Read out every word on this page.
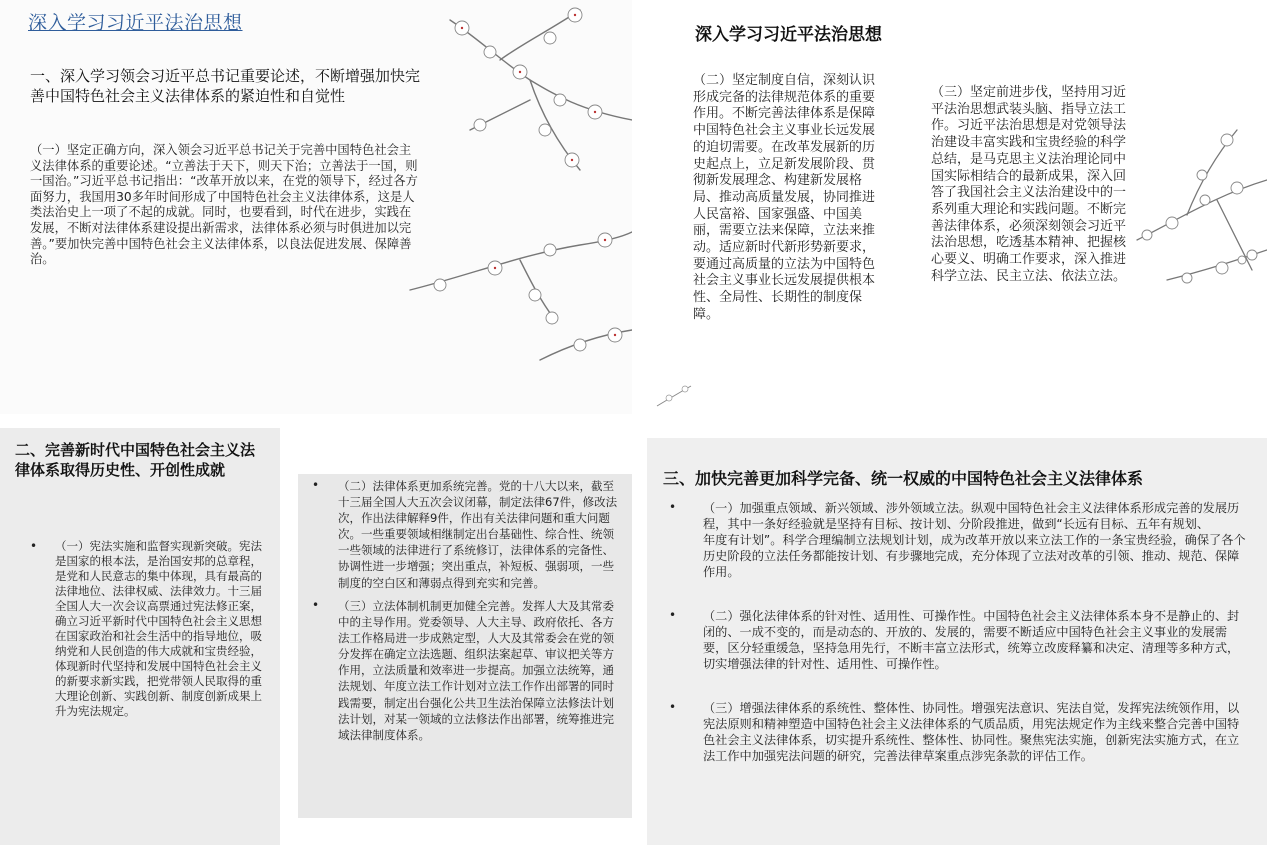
深入学习习近平法治思想

一、深入学习领会习近平总书记重要论述，不断增强加快完善中国特色社会主义法律体系的紧迫性和自觉性

（一）坚定正确方向，深入领会习近平总书记关于完善中国特色社会主义法律体系的重要论述。“立善法于天下，则天下治；立善法于一国，则一国治。”习近平总书记指出：“改革开放以来，在党的领导下，经过各方面努力，我国用30多年时间形成了中国特色社会主义法律体系，这是人类法治史上一项了不起的成就。同时，也要看到，时代在进步，实践在发展，不断对法律体系建设提出新需求，法律体系必须与时俱进加以完善。”要加快完善中国特色社会主义法律体系，以良法促进发展、保障善治。

深入学习习近平法治思想

（二）坚定制度自信，深刻认识形成完备的法律规范体系的重要作用。不断完善法律体系是保障中国特色社会主义事业长远发展的迫切需要。在改革发展新的历史起点上，立足新发展阶段、贯彻新发展理念、构建新发展格局、推动高质量发展，协同推进人民富裕、国家强盛、中国美丽，需要立法来保障，立法来推动。适应新时代新形势新要求，要通过高质量的立法为中国特色社会主义事业长远发展提供根本性、全局性、长期性的制度保障。

（三）坚定前进步伐，坚持用习近平法治思想武装头脑、指导立法工作。习近平法治思想是对党领导法治建设丰富实践和宝贵经验的科学总结，是马克思主义法治理论同中国实际相结合的最新成果，深入回答了我国社会主义法治建设中的一系列重大理论和实践问题。不断完善法律体系，必须深刻领会习近平法治思想，吃透基本精神、把握核心要义、明确工作要求，深入推进科学立法、民主立法、依法立法。

二、完善新时代中国特色社会主义法律体系取得历史性、开创性成就
• （一）宪法实施和监督实现新突破。宪法是国家的根本法，是治国安邦的总章程，是党和人民意志的集中体现，具有最高的法律地位、法律权威、法律效力。十三届全国人大一次会议高票通过宪法修正案，确立习近平新时代中国特色社会主义思想在国家政治和社会生活中的指导地位，吸纳党和人民创造的伟大成就和宝贵经验，体现新时代坚持和发展中国特色社会主义的新要求新实践，把党带领人民取得的重大理论创新、实践创新、制度创新成果上升为宪法规定。

• （二）法律体系更加系统完善。党的十八大以来，截至
十三届全国人大五次会议闭幕，制定法律67件，修改法
次，作出法律解释9件，作出有关法律问题和重大问题
次。一些重要领域相继制定出台基础性、综合性、统领
一些领域的法律进行了系统修订，法律体系的完备性、
协调性进一步增强；突出重点，补短板、强弱项，一些
制度的空白区和薄弱点得到充实和完善。
• （三）立法体制机制更加健全完善。发挥人大及其常委
中的主导作用。党委领导、人大主导、政府依托、各方
法工作格局进一步成熟定型，人大及其常委会在党的领
分发挥在确定立法选题、组织法案起草、审议把关等方
作用，立法质量和效率进一步提高。加强立法统筹，通
法规划、年度立法工作计划对立法工作作出部署的同时
践需要，制定出台强化公共卫生法治保障立法修法计划
法计划，对某一领域的立法修法作出部署，统筹推进完
域法律制度体系。
三、加快完善更加科学完备、统一权威的中国特色社会主义法律体系
• （一）加强重点领域、新兴领域、涉外领域立法。纵观中国特色社会主义法律体系形成完善的发展历
程，其中一条好经验就是坚持有目标、按计划、分阶段推进，做到“长远有目标、五年有规划、
年度有计划”。科学合理编制立法规划计划，成为改革开放以来立法工作的一条宝贵经验，确保了各个
历史阶段的立法任务都能按计划、有步骤地完成，充分体现了立法对改革的引领、推动、规范、保障
作用。
• （二）强化法律体系的针对性、适用性、可操作性。中国特色社会主义法律体系本身不是静止的、封
闭的、一成不变的，而是动态的、开放的、发展的，需要不断适应中国特色社会主义事业的发展需
要，区分轻重缓急，坚持急用先行，不断丰富立法形式，统筹立改废释纂和决定、清理等多种方式，
切实增强法律的针对性、适用性、可操作性。
• （三）增强法律体系的系统性、整体性、协同性。增强宪法意识、宪法自觉，发挥宪法统领作用，以
宪法原则和精神塑造中国特色社会主义法律体系的气质品质，用宪法规定作为主线来整合完善中国特
色社会主义法律体系，切实提升系统性、整体性、协同性。聚焦宪法实施，创新宪法实施方式，在立
法工作中加强宪法问题的研究，完善法律草案重点涉宪条款的评估工作。
